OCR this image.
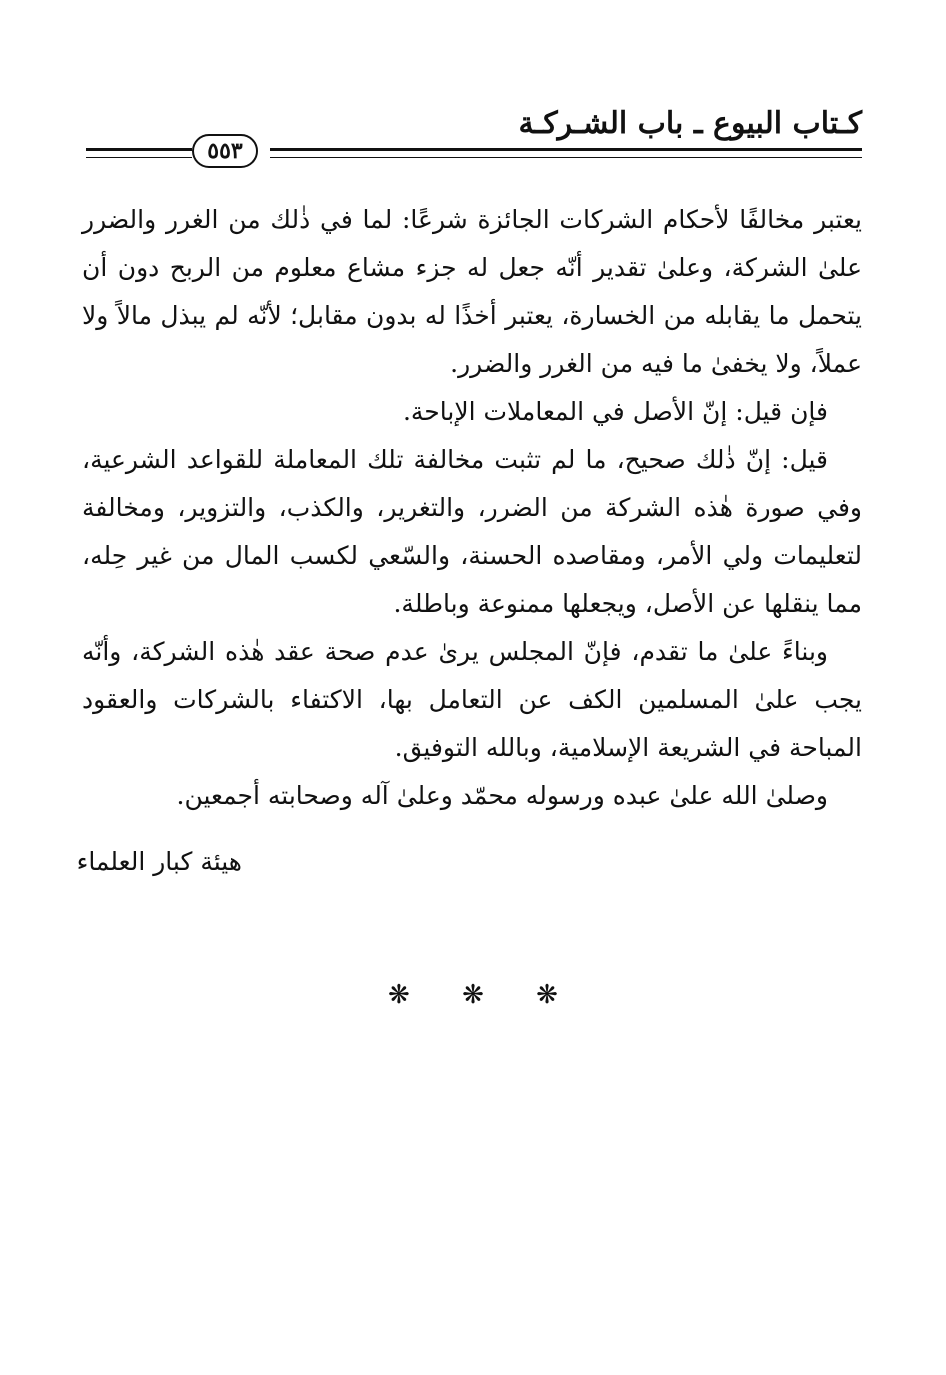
كـتاب البيوع ـ باب الشـركـة
٥٥٣

يعتبر مخالفًا لأحكام الشركات الجائزة شرعًا: لما في ذٰلك من الغرر والضرر علىٰ الشركة، وعلىٰ تقدير أنّه جعل له جزء مشاع معلوم من الربح دون أن يتحمل ما يقابله من الخسارة، يعتبر أخذًا له بدون مقابل؛ لأنّه لم يبذل مالاً ولا عملاً، ولا يخفىٰ ما فيه من الغرر والضرر.

فإن قيل: إنّ الأصل في المعاملات الإباحة.

قيل: إنّ ذٰلك صحيح، ما لم تثبت مخالفة تلك المعاملة للقواعد الشرعية، وفي صورة هٰذه الشركة من الضرر، والتغرير، والكذب، والتزوير، ومخالفة لتعليمات ولي الأمر، ومقاصده الحسنة، والسّعي لكسب المال من غير حِله، مما ينقلها عن الأصل، ويجعلها ممنوعة وباطلة.

وبناءً علىٰ ما تقدم، فإنّ المجلس يرىٰ عدم صحة عقد هٰذه الشركة، وأنّه يجب علىٰ المسلمين الكف عن التعامل بها، الاكتفاء بالشركات والعقود المباحة في الشريعة الإسلامية، وبالله التوفيق.

وصلىٰ الله علىٰ عبده ورسوله محمّد وعلىٰ آله وصحابته أجمعين.

هيئة كبار العلماء
❋ ❋ ❋
